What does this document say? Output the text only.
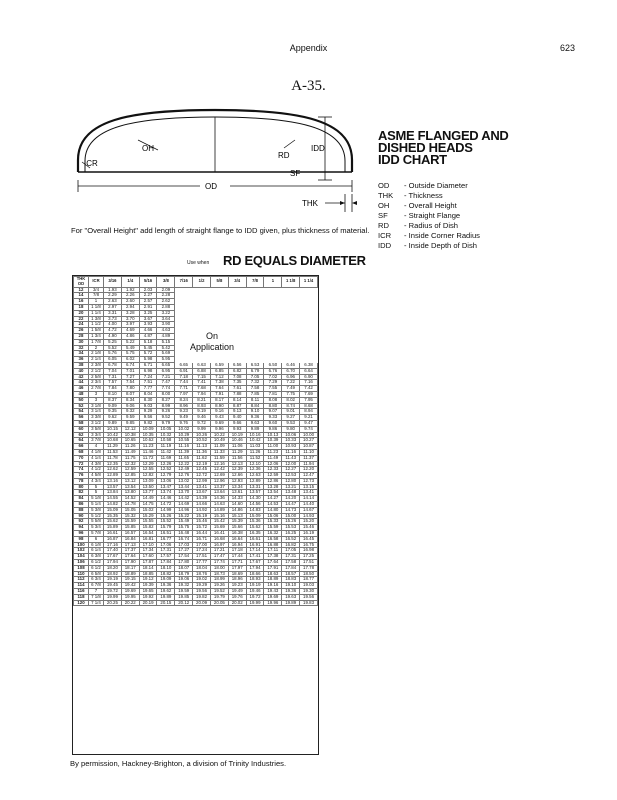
Appendix	623
A-35.
OH
ICR
RD
IDD
SF
OD
THK
ASME FLANGED AND
DISHED HEADS
IDD CHART
OD - Outside Diameter
THK - Thickness
OH - Overall Height
SF - Straight Flange
RD - Radius of Dish
ICR - Inside Corner Radius
IDD - Inside Depth of Dish
For "Overall Height" add length of straight flange to IDD given, plus thickness of material.
Use when RD EQUALS DIAMETER
THK
OD	ICR	3/16	1/4	5/16	3/8	7/16	1/2	5/8	3/4	7/8	1	1 1/8	1 1/4
12	3/4	1.93	1.92	2.03	2.09								
14	7/8	2.29	2.26	2.27	2.28								
16	1	2.63	2.60	2.57	2.62								
18	1 1/8	2.97	2.94	2.91	2.88								
20	1 1/4	3.31	3.28	3.25	3.22								
22	1 3/8	3.73	3.70	3.67	3.64								
24	1 1/2	4.00	3.97	3.93	3.90								
26	1 5/8	4.72	4.69	4.66	4.63								
28	1 3/4	4.90	4.86	4.87	4.89								
30	1 7/8	5.25	5.22	5.18	5.15								
32	2	5.52	5.49	5.45	5.42								
34	2 1/8	5.76	5.75	5.72	5.69								
36	2 1/4	6.05	6.02	5.98	5.95								
38	2 3/8	6.78	6.74	6.71	6.65	6.65	6.63	6.59	6.56	6.53	6.50	6.46	6.38
40	2 1/2	7.04	7.01	6.98	6.95	6.91	6.88	6.85	6.82	6.79	6.76	6.70	6.64
42	2 5/8	7.31	7.27	7.24	7.21	7.18	7.15	7.12	7.08	7.05	7.02	6.96	6.90
44	2 3/4	7.57	7.54	7.51	7.47	7.44	7.41	7.38	7.35	7.32	7.29	7.22	7.16
46	2 7/8	7.84	7.80	7.77	7.74	7.71	7.68	7.64	7.61	7.58	7.55	7.49	7.42
48	3	8.10	8.07	8.04	8.00	7.97	7.94	7.91	7.88	7.85	7.81	7.75	7.69
50	3	8.37	8.34	8.30	8.27	8.24	8.21	8.17	8.14	8.11	8.08	8.02	7.95
52	3 1/8	9.09	9.06	9.03	8.99	8.96	8.93	8.90	8.87	8.84	8.80	8.74	8.68
54	3 1/4	9.35	9.32	9.29	9.26	9.23	9.19	9.16	9.13	9.10	9.07	9.01	8.94
56	3 3/8	9.62	9.59	9.56	9.52	9.49	9.46	9.43	9.40	9.36	9.33	9.27	9.21
58	3 1/2	9.89	9.85	9.82	9.79	9.76	9.72	9.69	9.66	9.63	9.60	9.53	9.47
60	3 5/8	10.15	12.12	10.09	10.05	10.02	9.99	9.96	9.93	9.89	9.86	9.80	9.74
62	3 3/4	10.42	10.38	10.35	10.32	10.29	10.26	10.22	10.19	10.16	10.13	10.06	10.00
64	3 7/8	10.68	10.65	10.62	10.58	10.55	10.52	10.49	10.46	10.42	10.39	10.33	10.27
66	4	11.29	11.26	11.23	11.19	11.16	11.13	11.09	11.06	11.03	11.00	10.93	10.87
68	4 1/8	11.53	11.49	11.46	11.42	11.39	11.36	11.33	11.29	11.26	11.23	11.16	11.10
70	4 1/4	11.78	11.75	11.72	11.69	11.65	11.62	11.59	11.56	11.52	11.49	11.43	11.37
72	4 3/8	12.35	12.32	12.29	12.26	12.22	12.19	12.16	12.13	12.10	12.06	12.00	11.94
74	4 1/2	12.62	12.59	12.55	12.52	12.49	12.45	12.42	12.39	12.36	12.33	12.27	12.20
76	4 5/8	12.89	12.85	12.82	12.79	12.76	12.72	12.69	12.66	12.63	12.59	12.53	12.47
78	4 3/4	13.16	13.12	13.09	13.06	13.02	12.99	12.96	12.93	12.89	12.86	12.80	12.73
80	5	13.57	13.54	13.50	13.47	13.44	13.41	13.37	13.34	13.31	13.28	13.21	13.15
82	5	13.84	13.80	13.77	13.74	13.70	13.67	13.64	13.61	13.57	13.54	13.48	13.41
84	5 1/8	14.55	14.52	14.49	14.46	14.42	14.39	14.36	14.33	14.30	14.27	14.20	14.14
86	5 1/4	14.82	14.78	14.75	14.72	14.69	14.66	14.63	14.60	14.56	14.53	14.47	14.40
88	5 3/8	15.09	15.05	15.02	14.99	14.96	14.92	14.89	14.86	14.83	14.80	14.73	14.67
90	5 1/2	15.35	15.32	15.29	15.26	15.22	15.19	15.16	15.13	15.09	15.06	15.00	14.93
92	5 5/8	15.62	15.59	15.55	15.52	15.49	15.46	15.42	15.39	15.36	15.33	15.26	15.20
94	5 3/4	15.89	15.85	15.82	15.79	15.75	15.72	15.69	15.66	15.62	15.59	15.53	15.46
96	5 7/8	16.61	16.57	16.54	16.51	16.48	16.44	16.41	16.38	16.35	16.32	16.25	16.19
98	6	16.87	16.84	16.81	16.77	16.74	16.71	16.68	16.64	16.61	16.58	16.52	16.45
100	6 1/8	17.16	17.13	17.10	17.06	17.03	17.00	16.97	16.94	16.91	16.88	16.82	16.75
102	6 1/4	17.40	17.37	17.34	17.31	17.27	17.24	17.21	17.18	17.14	17.11	17.05	16.98
104	6 3/8	17.67	17.64	17.60	17.57	17.54	17.51	17.47	17.44	17.41	17.38	17.31	17.25
106	6 1/2	17.94	17.90	17.87	17.84	17.80	17.77	17.74	17.71	17.67	17.64	17.58	17.51
108	6 1/2	18.20	18.17	18.14	18.10	18.07	18.04	18.00	17.97	17.94	17.91	17.84	17.78
110	6 5/8	18.92	18.89	18.85	18.82	18.79	18.76	18.73	18.69	18.66	18.63	18.57	18.50
112	6 3/4	19.19	19.15	19.12	19.09	19.06	19.02	18.99	18.96	18.93	18.89	18.83	18.77
114	6 7/8	19.45	19.42	19.39	19.36	19.32	19.29	19.26	19.23	19.19	19.16	19.10	19.03
116	7	19.72	19.69	19.65	19.62	19.59	19.56	19.52	19.49	19.46	19.43	19.36	19.30
118	7 1/8	19.99	19.95	19.92	19.89	19.85	19.82	19.79	19.76	19.72	19.69	19.63	19.56
120	7 1/4	20.25	20.22	20.19	20.15	20.12	20.09	20.05	20.02	19.99	19.96	19.89	19.83
On
Application
By permission, Hackney-Brighton, a division of Trinity Industries.
